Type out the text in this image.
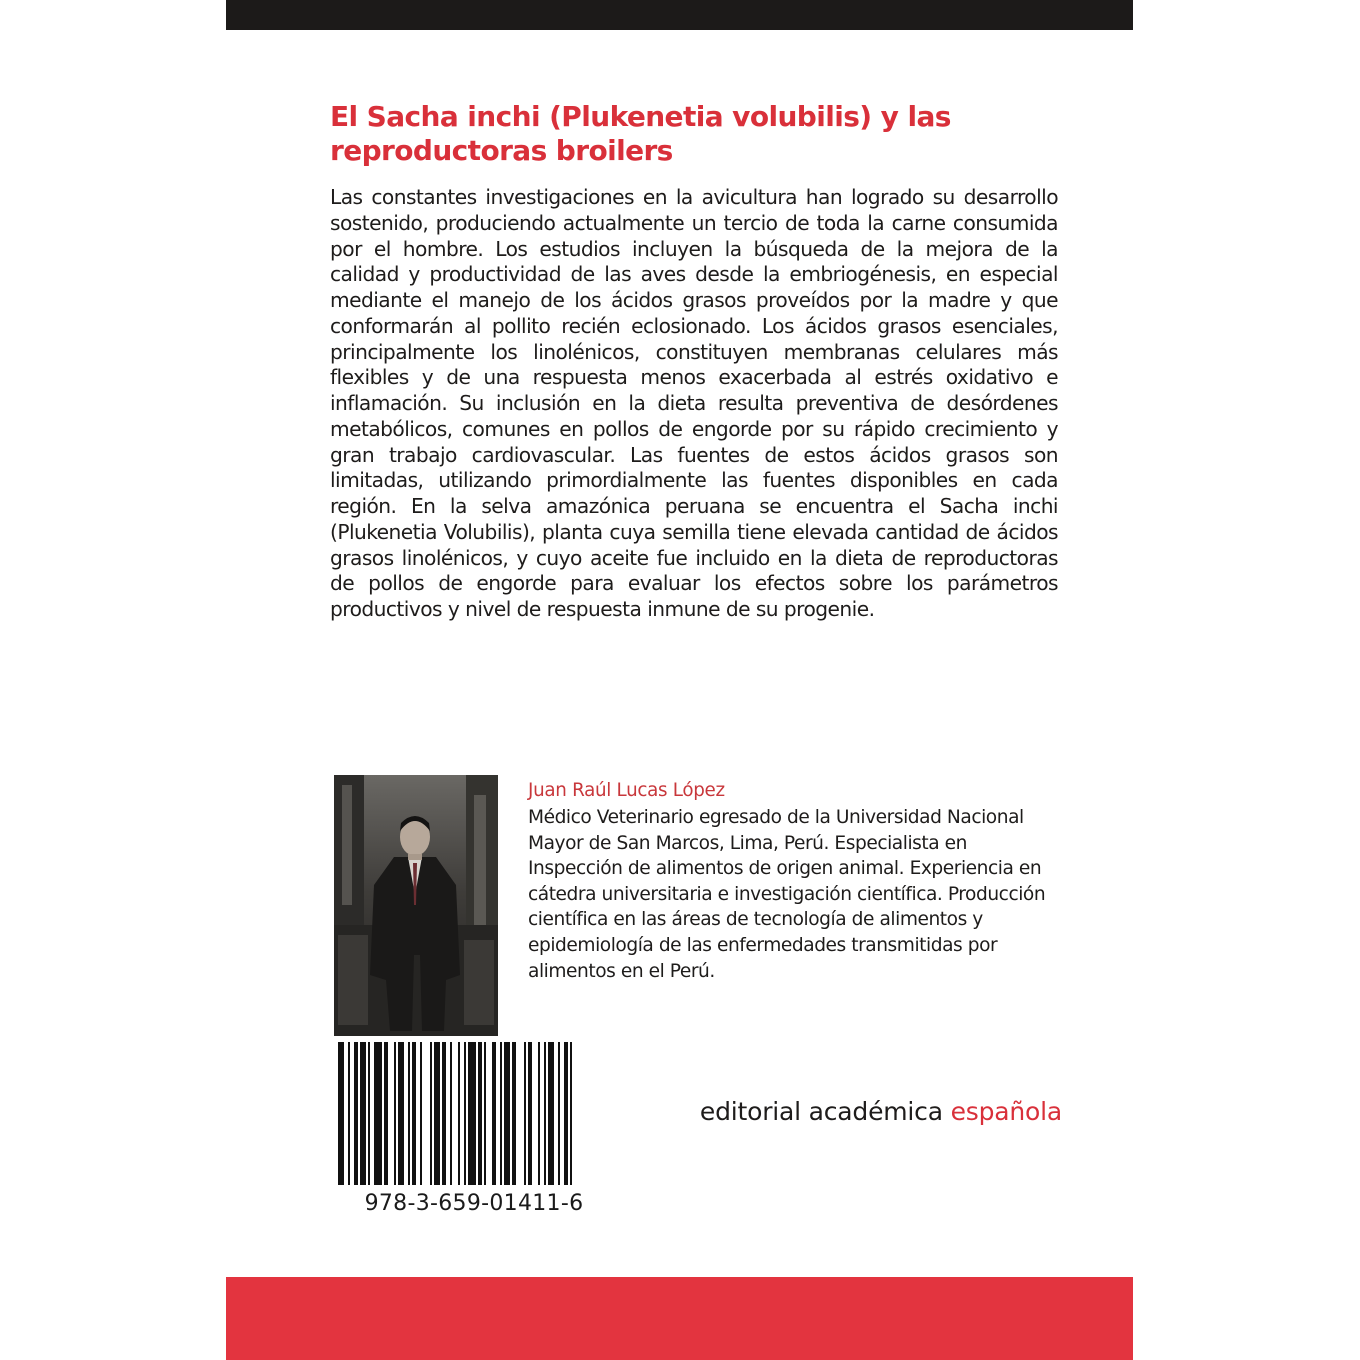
El Sacha inchi (Plukenetia volubilis) y las reproductoras broilers

Las constantes investigaciones en la avicultura han logrado su desarrollo sostenido, produciendo actualmente un tercio de toda la carne consumida por el hombre. Los estudios incluyen la búsqueda de la mejora de la calidad y productividad de las aves desde la embriogénesis, en especial mediante el manejo de los ácidos grasos proveídos por la madre y que conformarán al pollito recién eclosionado. Los ácidos grasos esenciales, principalmente los linolénicos, constituyen membranas celulares más flexibles y de una respuesta menos exacerbada al estrés oxidativo e inflamación. Su inclusión en la dieta resulta preventiva de desórdenes metabólicos, comunes en pollos de engorde por su rápido crecimiento y gran trabajo cardiovascular. Las fuentes de estos ácidos grasos son limitadas, utilizando primordialmente las fuentes disponibles en cada región. En la selva amazónica peruana se encuentra el Sacha inchi (Plukenetia Volubilis), planta cuya semilla tiene elevada cantidad de ácidos grasos linolénicos, y cuyo aceite fue incluido en la dieta de reproductoras de pollos de engorde para evaluar los efectos sobre los parámetros productivos y nivel de respuesta inmune de su progenie.

Juan Raúl Lucas López

Médico Veterinario egresado de la Universidad Nacional Mayor de San Marcos, Lima, Perú. Especialista en Inspección de alimentos de origen animal. Experiencia en cátedra universitaria e investigación científica. Producción científica en las áreas de tecnología de alimentos y epidemiología de las enfermedades transmitidas por alimentos en el Perú.

978-3-659-01411-6

editorial académica española
